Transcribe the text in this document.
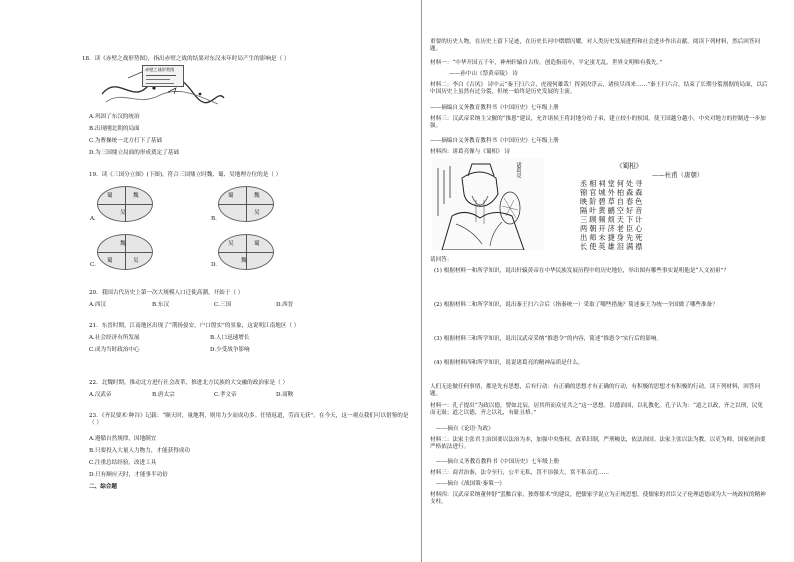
18．读《赤壁之战形势图》，指出赤壁之战的结果对东汉末年时局产生的影响是（ ）
赤壁之战形势图
A.巩固了东汉的统治
B.出现刚北朝的局面
C.为曹操统一北方打下了基础
D.为三国鼎立局面的形成奠定了基础
19．读《三国分立图》(下图)，符合三国鼎立时魏、蜀、吴地理方位的是（ ）
蜀	魏
吴
A.
蜀	魏
吴
B.
魏
蜀	吴
C.
吴	蜀
魏
D.
20．我国古代历史上第一次大规模人口迁徙高潮，开始于（ ）
A.西汉	B.东汉	C.三国	D.西晋
21．东晋时期，江南地区出现了“荆扬晏安，户口殷实”的景象，这说明江南地区（ ）
A.社会经济有所发展	B.人口迅速增长
C.成为当时政治中心	D.少受战争影响
22．北魏时期，推动北方进行社会改革，推进北方民族的大交融的政治家是（ ）
A.汉武帝	B.唐太宗	C.孝文帝	D.商鞅
23．《齐民要术·种谷》记载：“顺天时，量地利，则用力少而成功多。任情返道，劳而无获”。在今天，这一观点我们可以借鉴的是（ ）
A.遵循自然规律，因地制宜
B.只要投入大量人力物力，才能获得成功
C.注重总结经验，改进工具
D.只有顺应天时，才能事半功倍
二、综合题
重要的历史人物，在历史上留下足迹，在历史长河中熠熠闪耀，对人类历史发展进程和社会进步作出贡献。阅读下列材料，然后回答问题。
材料一：“中华开国五千年，神州轩辕自古传，创造指南车，平定蚩尤乱，世界文明唯有我先。”
——孙中山《祭黄帝陵》 诗
材料二：李白《古风》 诗中云“秦王扫六合，虎视何雄哉！挥剑决浮云，诸侯尽西来……”秦王扫六合，结束了长期分裂割据的局面，以后中国历史上虽然有过分裂，但统一始终是历史发展的主流。
——摘编自义务教育教科书《中国历史》七年级上册
材料三：汉武帝采纳主父偃的“推恩”建议，允许诸侯王将封地分给子弟，建立较小的侯国，使王国越分越小，中央对地方的控制进一步加强。
——摘编自义务教育教科书《中国历史》七年级上册
材料四：诸葛亮像与《蜀相》 诗
诸葛亮	《蜀相》
——杜甫（唐朝）
丞相祠堂何处寻
锦官城外柏森森
映阶碧草自春色
隔叶黄鹂空好音
三顾频烦天下计
两朝开济老臣心
出师未捷身先死
长使英雄泪满襟
请回答：
(1) 根据材料一和所学知识，说出轩辕黄帝在中华民族发展历程中的历史地位，举出图有哪些事实说明他是“人文初祖”？
(2) 根据材料二和所学知识，说出秦王扫六合后（指秦统一）采取了哪些措施？简述秦王为统一全国做了哪些准备？
(3) 根据材料三和所学知识，说出汉武帝采纳“推恩令”的内容，简述“推恩令”实行后的影响。
(4) 根据材料四和所学知识，说说诸葛亮的精神品质是什么。
人们无论做任何事情，都是先有思想，后有行动：有正确的思想才有正确的行动，有积极的思想才有积极的行动。读下列材料，回答问题。
材料一：孔子提出“为政以德，譬如北辰，居其所而众星共之”这一思想。以德治国，以礼教化。孔子认为：“道之以政，齐之以刑，民免而无耻；道之以德，齐之以礼，有耻且格。”
——摘自《论语·为政》
材料二：法家主张君主治国要以法治为本，加强中央集权，改革旧制，严刑峻法，依法治国。法家主张以法为教，以吏为师，国家统治要严格依法进行。
——摘自义务教育教科书《中国历史》七年级上册
材料三：商君治秦，法令至行，公平无私，罚不讳强大，赏不私亲近……
——摘自《战国策·秦策一》
材料四：汉武帝采纳董仲舒“罢黜百家，独尊儒术”的建议，把儒家学说立为正统思想，使儒家的君臣父子伦理道德成为大一统政权的精神支柱。
